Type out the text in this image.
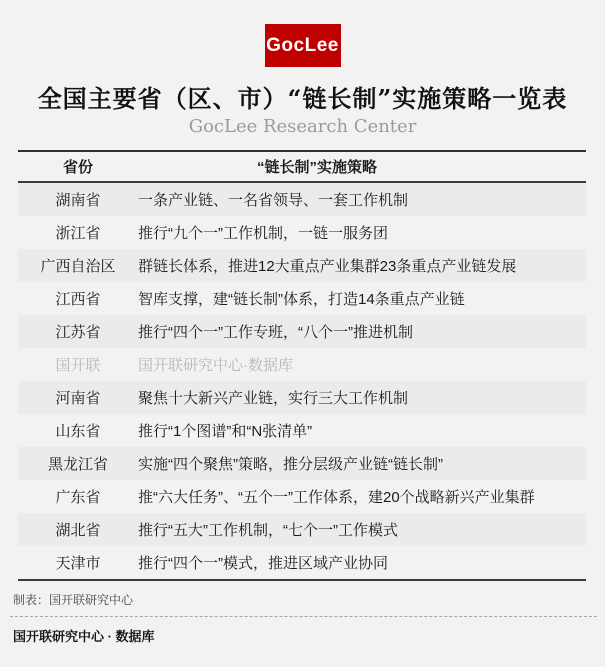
GocLee
全国主要省（区、市）“链长制”实施策略一览表
GocLee Research Center
省份	“链长制”实施策略
湖南省	一条产业链、一名省领导、一套工作机制
浙江省	推行“九个一”工作机制，一链一服务团
广西自治区	群链长体系，推进12大重点产业集群23条重点产业链发展
江西省	智库支撑，建“链长制”体系，打造14条重点产业链
江苏省	推行“四个一”工作专班，“八个一”推进机制
国开联	国开联研究中心·数据库
河南省	聚焦十大新兴产业链，实行三大工作机制
山东省	推行“1个图谱”和“N张清单”
黑龙江省	实施“四个聚焦”策略，推分层级产业链“链长制”
广东省	推“六大任务”、“五个一”工作体系，建20个战略新兴产业集群
湖北省	推行“五大”工作机制，“七个一”工作模式
天津市	推行“四个一”模式，推进区域产业协同
制表：国开联研究中心
国开联研究中心 · 数据库
